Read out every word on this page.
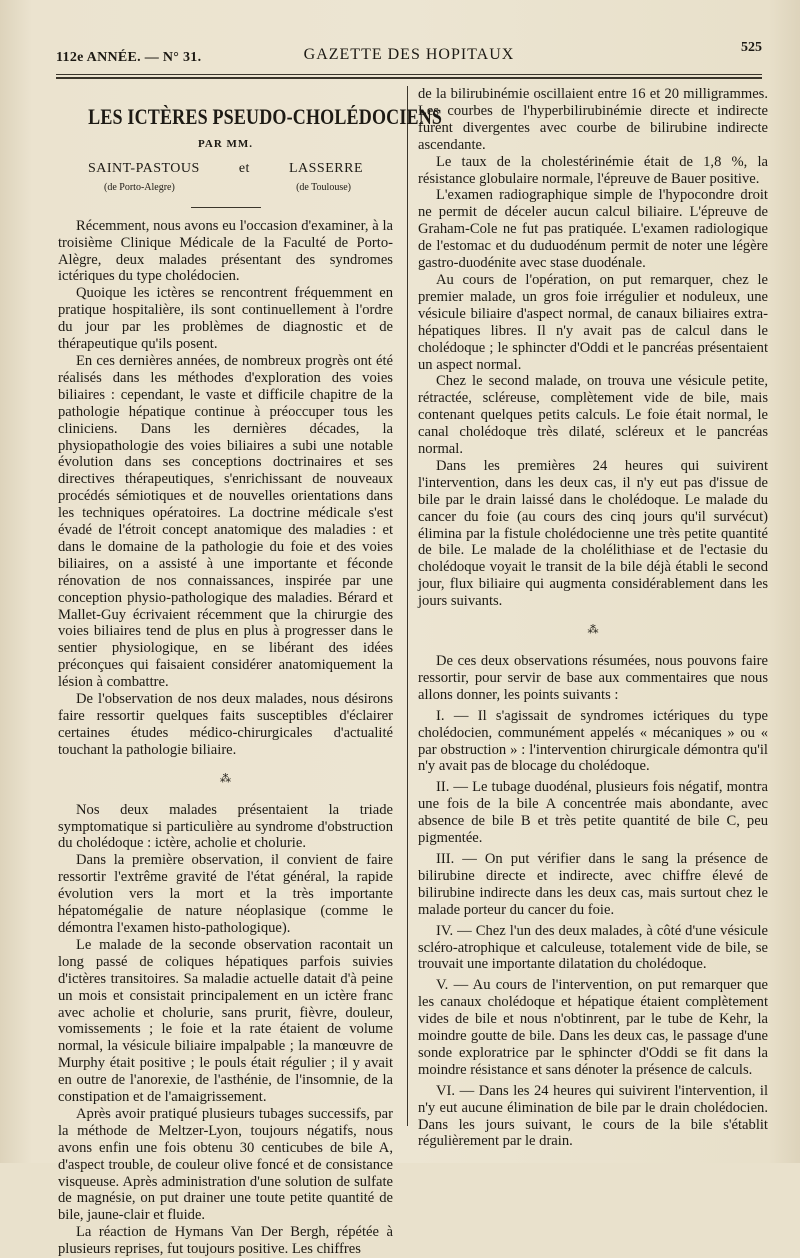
112e ANNÉE. — N° 31.	GAZETTE DES HOPITAUX	525
LES ICTÈRES PSEUDO-CHOLÉDOCIENS
PAR MM.
SAINT-PASTOUS	et	LASSERRE
(de Porto-Alegre)	(de Toulouse)

Récemment, nous avons eu l'occasion d'examiner, à la troisième Clinique Médicale de la Faculté de Porto-Alègre, deux malades présentant des syndromes ictériques du type cholédocien.

Quoique les ictères se rencontrent fréquemment en pratique hospitalière, ils sont continuellement à l'ordre du jour par les problèmes de diagnostic et de thérapeutique qu'ils posent.

En ces dernières années, de nombreux progrès ont été réalisés dans les méthodes d'exploration des voies biliaires : cependant, le vaste et difficile chapitre de la pathologie hépatique continue à préoccuper tous les cliniciens. Dans les dernières décades, la physiopathologie des voies biliaires a subi une notable évolution dans ses conceptions doctrinaires et ses directives thérapeutiques, s'enrichissant de nouveaux procédés sémiotiques et de nouvelles orientations dans les techniques opératoires. La doctrine médicale s'est évadé de l'étroit concept anatomique des maladies : et dans le domaine de la pathologie du foie et des voies biliaires, on a assisté à une importante et féconde rénovation de nos connaissances, inspirée par une conception physio-pathologique des maladies. Bérard et Mallet-Guy écrivaient récemment que la chirurgie des voies biliaires tend de plus en plus à progresser dans le sentier physiologique, en se libérant des idées préconçues qui faisaient considérer anatomiquement la lésion à combattre.

De l'observation de nos deux malades, nous désirons faire ressortir quelques faits susceptibles d'éclairer certaines études médico-chirurgicales d'actualité touchant la pathologie biliaire.

⁂

Nos deux malades présentaient la triade symptomatique si particulière au syndrome d'obstruction du cholédoque : ictère, acholie et cholurie.

Dans la première observation, il convient de faire ressortir l'extrême gravité de l'état général, la rapide évolution vers la mort et la très importante hépatomégalie de nature néoplasique (comme le démontra l'examen histo-pathologique).

Le malade de la seconde observation racontait un long passé de coliques hépatiques parfois suivies d'ictères transitoires. Sa maladie actuelle datait d'à peine un mois et consistait principalement en un ictère franc avec acholie et cholurie, sans prurit, fièvre, douleur, vomissements ; le foie et la rate étaient de volume normal, la vésicule biliaire impalpable ; la manœuvre de Murphy était positive ; le pouls était régulier ; il y avait en outre de l'anorexie, de l'asthénie, de l'insomnie, de la constipation et de l'amaigrissement.

Après avoir pratiqué plusieurs tubages successifs, par la méthode de Meltzer-Lyon, toujours négatifs, nous avons enfin une fois obtenu 30 centicubes de bile A, d'aspect trouble, de couleur olive foncé et de consistance visqueuse. Après administration d'une solution de sulfate de magnésie, on put drainer une toute petite quantité de bile, jaune-clair et fluide.

La réaction de Hymans Van Der Bergh, répétée à plusieurs reprises, fut toujours positive. Les chiffres

de la bilirubinémie oscillaient entre 16 et 20 milligrammes. Les courbes de l'hyperbilirubinémie directe et indirecte furent divergentes avec courbe de bilirubine indirecte ascendante.

Le taux de la cholestérinémie était de 1,8 %, la résistance globulaire normale, l'épreuve de Bauer positive.

L'examen radiographique simple de l'hypocondre droit ne permit de déceler aucun calcul biliaire. L'épreuve de Graham-Cole ne fut pas pratiquée. L'examen radiologique de l'estomac et du duduodénum permit de noter une légère gastro-duodénite avec stase duodénale.

Au cours de l'opération, on put remarquer, chez le premier malade, un gros foie irrégulier et noduleux, une vésicule biliaire d'aspect normal, de canaux biliaires extra-hépatiques libres. Il n'y avait pas de calcul dans le cholédoque ; le sphincter d'Oddi et le pancréas présentaient un aspect normal.

Chez le second malade, on trouva une vésicule petite, rétractée, scléreuse, complètement vide de bile, mais contenant quelques petits calculs. Le foie était normal, le canal cholédoque très dilaté, scléreux et le pancréas normal.

Dans les premières 24 heures qui suivirent l'intervention, dans les deux cas, il n'y eut pas d'issue de bile par le drain laissé dans le cholédoque. Le malade du cancer du foie (au cours des cinq jours qu'il survécut) élimina par la fistule cholédocienne une très petite quantité de bile. Le malade de la cholélithiase et de l'ectasie du cholédoque voyait le transit de la bile déjà établi le second jour, flux biliaire qui augmenta considérablement dans les jours suivants.

⁂

De ces deux observations résumées, nous pouvons faire ressortir, pour servir de base aux commentaires que nous allons donner, les points suivants :

I. — Il s'agissait de syndromes ictériques du type cholédocien, communément appelés « mécaniques » ou « par obstruction » : l'intervention chirurgicale démontra qu'il n'y avait pas de blocage du cholédoque.

II. — Le tubage duodénal, plusieurs fois négatif, montra une fois de la bile A concentrée mais abondante, avec absence de bile B et très petite quantité de bile C, peu pigmentée.

III. — On put vérifier dans le sang la présence de bilirubine directe et indirecte, avec chiffre élevé de bilirubine indirecte dans les deux cas, mais surtout chez le malade porteur du cancer du foie.

IV. — Chez l'un des deux malades, à côté d'une vésicule scléro-atrophique et calculeuse, totalement vide de bile, se trouvait une importante dilatation du cholédoque.

V. — Au cours de l'intervention, on put remarquer que les canaux cholédoque et hépatique étaient complètement vides de bile et nous n'obtinrent, par le tube de Kehr, la moindre goutte de bile. Dans les deux cas, le passage d'une sonde exploratrice par le sphincter d'Oddi se fit dans la moindre résistance et sans dénoter la présence de calculs.

VI. — Dans les 24 heures qui suivirent l'intervention, il n'y eut aucune élimination de bile par le drain cholédocien. Dans les jours suivant, le cours de la bile s'établit régulièrement par le drain.
